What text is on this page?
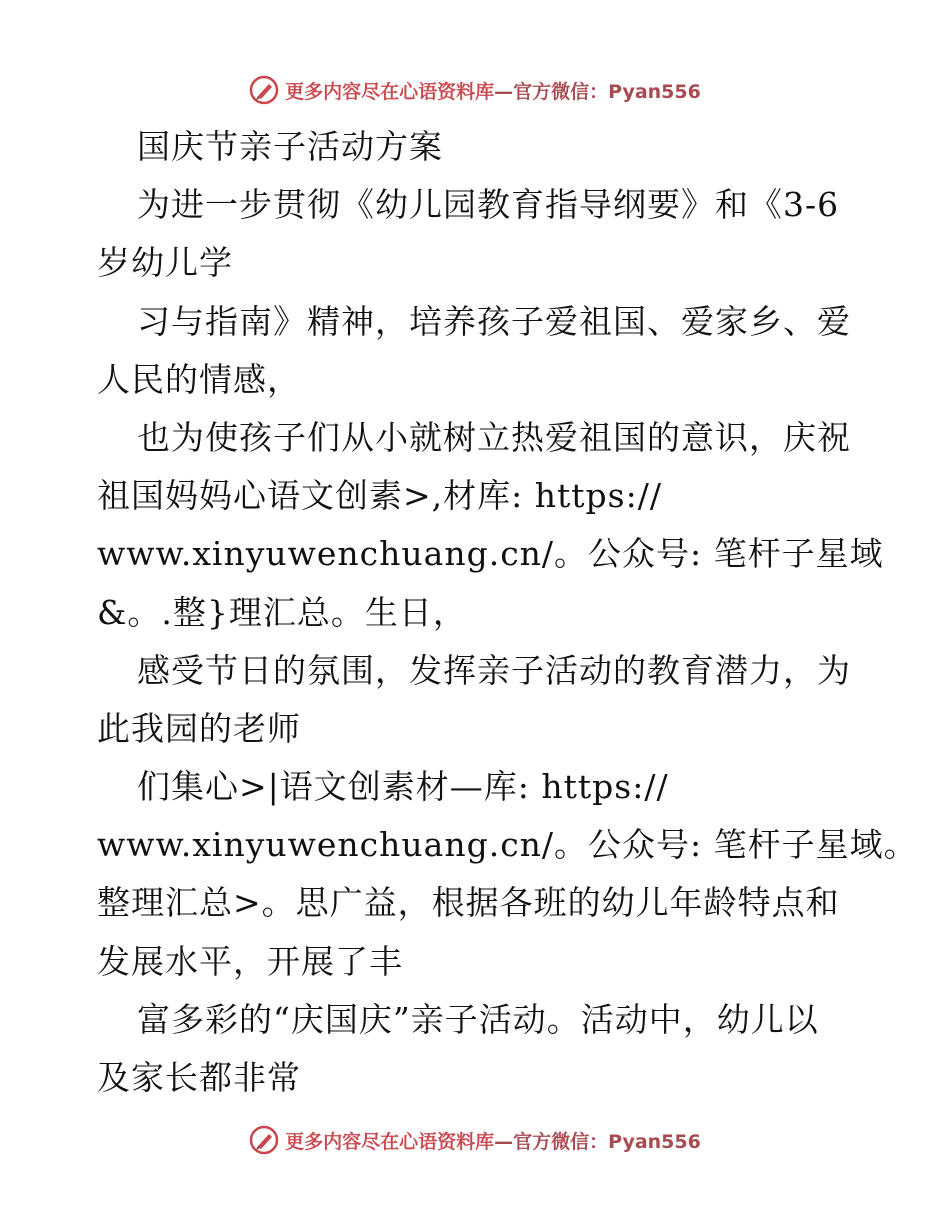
更多内容尽在心语资料库—官方微信：Pyan556
国庆节亲子活动方案
为进一步贯彻《幼儿园教育指导纲要》和《3-6
岁幼儿学
习与指南》精神，培养孩子爱祖国、爱家乡、爱
人民的情感，
也为使孩子们从小就树立热爱祖国的意识，庆祝
祖国妈妈心语文创素>,材库: https://
www.xinyuwenchuang.cn/。公众号: 笔杆子星域
&。.整}理汇总。生日，
感受节日的氛围，发挥亲子活动的教育潜力，为
此我园的老师
们集心>|语文创素材—库: https://
www.xinyuwenchuang.cn/。公众号: 笔杆子星域。
整理汇总>。思广益，根据各班的幼儿年龄特点和
发展水平，开展了丰
富多彩的“庆国庆”亲子活动。活动中，幼儿以
及家长都非常
更多内容尽在心语资料库—官方微信：Pyan556
